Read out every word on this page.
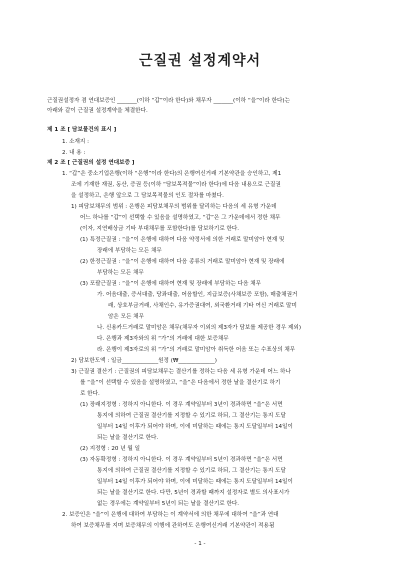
근질권 설정계약서
근질권설정자 겸 연대보증인 _______(이하 “갑”이라 한다)와 채무자 _______(이하 “을”이라 한다)는
아래와 같이 근질권 설정계약을 체결한다.
제 1 조 [ 담보물건의 표시 ]
1. 소재지 :
2. 내 용 :
제 2 조 [ 근질권의 설정 연대보증 ]
1. “갑”은 중소기업은행(이하 “은행”이라 한다)의 은행여신거래 기본약관을 승인하고, 제1
조에 기재한 재권, 동산, 증권 등(이하 “담보목적물”이라 한다)에 다음 내용으로 근질권
을 설정하고, 은행 앞으로 그 담보목적물의 인도 절차를 마쳤다.
1) 피담보채무의 범위 : 은행은 피담보채무의 범위를 달리하는 다음의 세 유형 가운데
어느 하나를 “갑”이 선택할 수 있음을 설명하였고, “갑”은 그 가운데에서 정한 채무
(이자, 지연배상금 기타 부대채무를 포함한다)를 담보하기로 한다.
(1) 특정근질권 : “을”이 은행에 대하여 다음 약정서에 의한 거래로 말미암아 현재 및
장래에 부담하는 모든 채무
(2) 한정근질권 : “을”이 은행에 대하여 다음 종류의 거래로 말미암아 현재 및 장래에
부담하는 모든 채무
(3) 포괄근질권 : “을”이 은행에 대하여 현재 및 장래에 부담하는 다음 채무
가. 어음대출, 증서대출, 당좌대출, 어음할인, 지급보증(사채보증 포함), 매출채권거
래, 상호부금거래, 사채인수, 유가증권대여, 외국환거래 기타 여신 거래로 말미
암은 모든 채무
나. 신용카드거래로 말미암은 채무(채무자 이외의 제3자가 담보를 제공한 경우 제외)
다. 은행과 제3자와의 위 “가”의 거래에 대한 보증채무
라. 은행이 제3자로의 위 “가”의 거래로 말미암아 취득한 어음 또는 수표상의 채무
2) 담보한도액 : 일금_____________원정 (₩_____________)
3) 근질권 결산기 : 근질권의 피담보채무는 결산기를 정하는 다음 세 유형 가운데 어느 하나
를 “을”이 선택할 수 있음을 설명하였고, “을”은 다음에서 정한 날을 결산기로 하기
로 한다.
(1) 장래지정형 : 정하지 아니한다. 이 경우 계약일부터 3년이 경과하면 “을”은 서면
통지에 의하여 근질권 결산기를 지정할 수 있기로 하되, 그 결산기는 통지 도달
일부터 14일 이후가 되어야 하며, 이에 미달하는 때에는 통지 도달일부터 14일이
되는 날을 결산기로 한다.
(2) 지정형 : 20 년 월 일
(3) 자동확정형 : 정하지 아니한다. 이 경우 계약일부터 5년이 경과하면 “을”은 서면
통지에 의하여 근질권 결산기를 지정할 수 있기로 하되, 그 결산기는 통지 도달
일부터 14일 이후가 되어야 하며, 이에 미달하는 때에는 통지 도달일부터 14일이
되는 날을 결산기로 한다. 다만, 5년이 경과할 때까지 설정자로 별도 의사표시가
없는 경우에는 계약일부터 5년이 되는 날을 결산기로 한다.
2. 보증인은 “을”이 은행에 대하여 부담하는 이 계약서에 의한 채무에 대하여 “을”과 연대
하여 보증채무를 지며 보증채무의 이행에 관하여도 은행여신거래 기본약관이 적용됨
- 1 -
